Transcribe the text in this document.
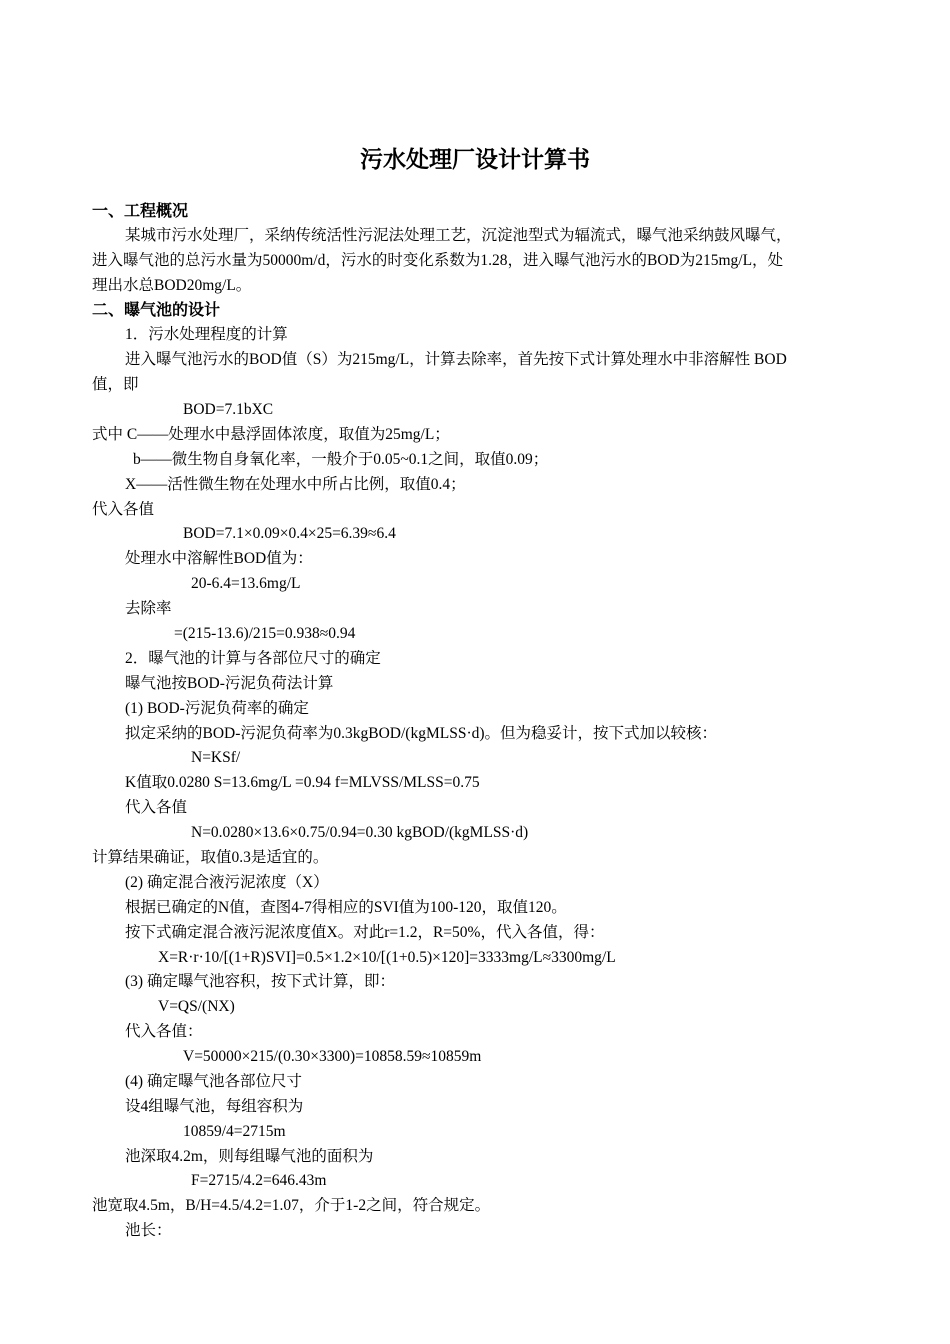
污水处理厂设计计算书
一、工程概况
某城市污水处理厂，采纳传统活性污泥法处理工艺，沉淀池型式为辐流式，曝气池采纳鼓风曝气，
进入曝气池的总污水量为50000m/d，污水的时变化系数为1.28，进入曝气池污水的BOD为215mg/L，处
理出水总BOD20mg/L。
二、曝气池的设计
1．污水处理程度的计算
进入曝气池污水的BOD值（S）为215mg/L，计算去除率，首先按下式计算处理水中非溶解性 BOD
值，即
BOD=7.1bXC
式中 C——处理水中悬浮固体浓度，取值为25mg/L；
b——微生物自身氧化率，一般介于0.05~0.1之间，取值0.09；
X——活性微生物在处理水中所占比例，取值0.4；
代入各值
BOD=7.1×0.09×0.4×25=6.39≈6.4
处理水中溶解性BOD值为：
20-6.4=13.6mg/L
去除率
=(215-13.6)/215=0.938≈0.94
2．曝气池的计算与各部位尺寸的确定
曝气池按BOD-污泥负荷法计算
(1) BOD-污泥负荷率的确定
拟定采纳的BOD-污泥负荷率为0.3kgBOD/(kgMLSS·d)。但为稳妥计，按下式加以较核：
N=KSf/
K值取0.0280 S=13.6mg/L =0.94 f=MLVSS/MLSS=0.75
代入各值
N=0.0280×13.6×0.75/0.94=0.30 kgBOD/(kgMLSS·d)
计算结果确证，取值0.3是适宜的。
(2) 确定混合液污泥浓度（X）
根据已确定的N值，查图4-7得相应的SVI值为100-120，取值120。
按下式确定混合液污泥浓度值X。对此r=1.2，R=50%，代入各值，得：
X=R·r·10/[(1+R)SVI]=0.5×1.2×10/[(1+0.5)×120]=3333mg/L≈3300mg/L
(3) 确定曝气池容积，按下式计算，即：
V=QS/(NX)
代入各值：
V=50000×215/(0.30×3300)=10858.59≈10859m
(4) 确定曝气池各部位尺寸
设4组曝气池，每组容积为
10859/4=2715m
池深取4.2m，则每组曝气池的面积为
F=2715/4.2=646.43m
池宽取4.5m，B/H=4.5/4.2=1.07，介于1-2之间，符合规定。
池长：
